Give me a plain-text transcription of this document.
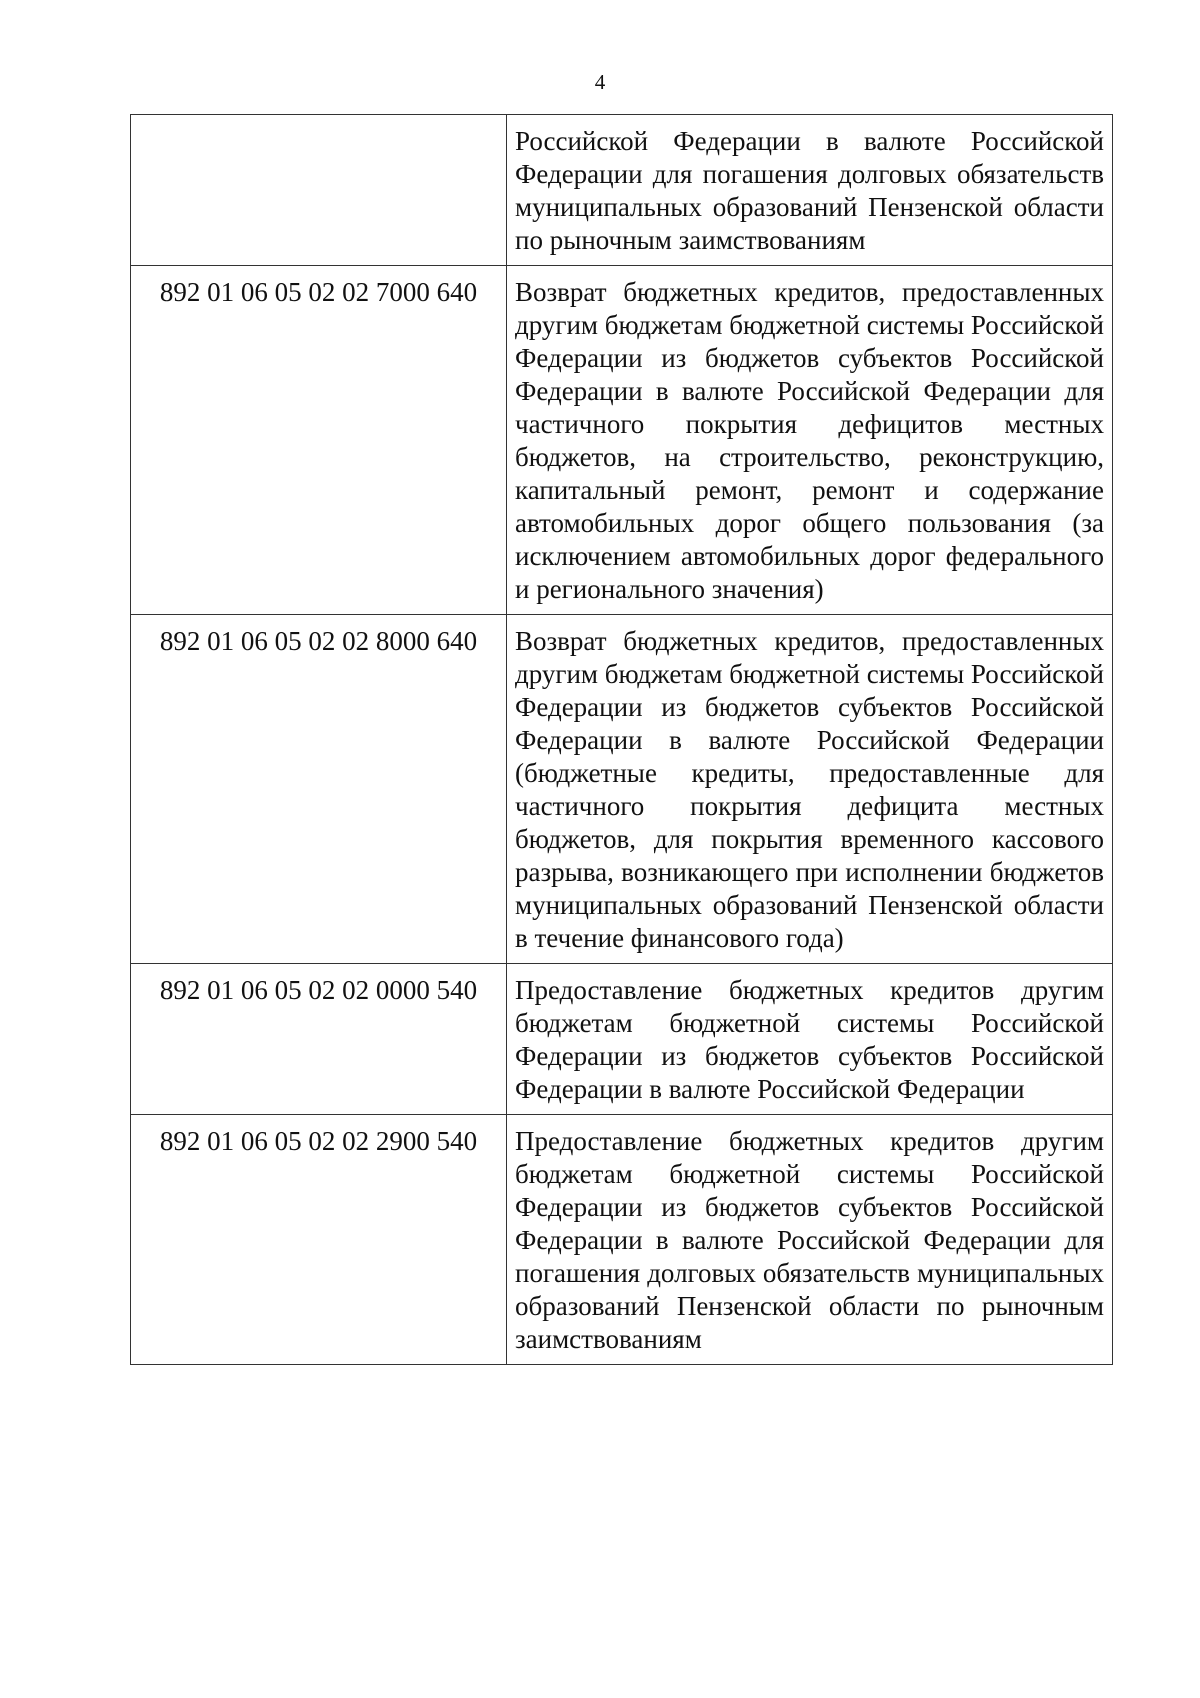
4
	Российской Федерации в валюте Российской Федерации для погашения долговых обязательств муниципальных образований Пензенской области по рыночным заимствованиям
892 01 06 05 02 02 7000 640	Возврат бюджетных кредитов, предоставленных другим бюджетам бюджетной системы Российской Федерации из бюджетов субъектов Российской Федерации в валюте Российской Федерации для частичного покрытия дефицитов местных бюджетов, на строительство, реконструкцию, капитальный ремонт, ремонт и содержание автомобильных дорог общего пользования (за исключением автомобильных дорог федерального и регионального значения)
892 01 06 05 02 02 8000 640	Возврат бюджетных кредитов, предоставленных другим бюджетам бюджетной системы Российской Федерации из бюджетов субъектов Российской Федерации в валюте Российской Федерации (бюджетные кредиты, предоставленные для частичного покрытия дефицита местных бюджетов, для покрытия временного кассового разрыва, возникающего при исполнении бюджетов муниципальных образований Пензенской области в течение финансового года)
892 01 06 05 02 02 0000 540	Предоставление бюджетных кредитов другим бюджетам бюджетной системы Российской Федерации из бюджетов субъектов Российской Федерации в валюте Российской Федерации
892 01 06 05 02 02 2900 540	Предоставление бюджетных кредитов другим бюджетам бюджетной системы Российской Федерации из бюджетов субъектов Российской Федерации в валюте Российской Федерации для погашения долговых обязательств муниципальных образований Пензенской области по рыночным заимствованиям
